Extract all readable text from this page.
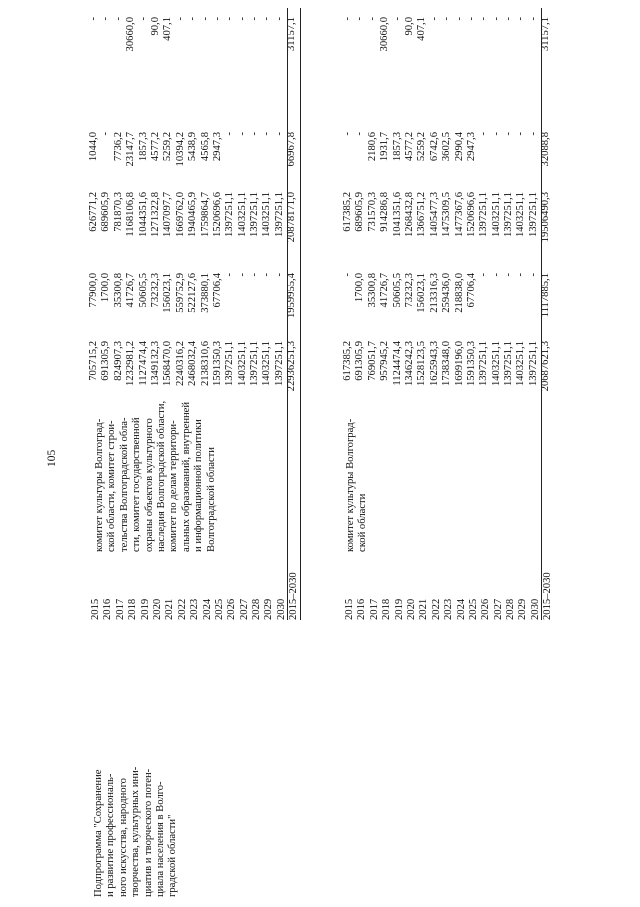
105
Подпрограмма "Сохранение и развитие профессиональ- ного искусства, народного творчества, культурных ини- циатив и творческого потен- циала населения в Волго- градской области"
2015 2016 2017 2018 2019 2020 2021 2022 2023 2024 2025 2026 2027 2028 2029 2030 2015–2030
комитет культуры Волгоград- ской области, комитет строи- тельства Волгоградской обла- сти, комитет государственной охраны объектов культурного наследия Волгоградской области, комитет по делам территори- альных образований, внутренней и информационной политики Волгоградской области
705715,2 691305,9 824907,3 1232981,2 1127474,4 1349132,3 1568470,0 2240316,2 2468032,4 2138310,6 1591350,3 1397251,1 1403251,1 1397251,1 1403251,1 1397251,1 22936251,3
77900,0 1700,0 35300,8 41726,7 50605,5 73232,3 156023,1 559752,9 522127,6 373880,1 67706,4 - - - - - 1959955,4
626771,2 689605,9 781870,3 1168106,8 1044351,6 1271322,8 1407097,7 1669762,0 1940465,9 1759864,7 1520696,6 1397251,1 1403251,1 1397251,1 1403251,1 1397251,1 20878171,0
1044,0 - 7736,2 23147,7 1857,3 4577,2 5259,2 10394,2 5438,9 4565,8 2947,3 - - - - - 66967,8
- - - 30660,0 - 90,0 407,1 - - - - - - - - - 31157,1
2015 2016 2017 2018 2019 2020 2021 2022 2023 2024 2025 2026 2027 2028 2029 2030 2015–2030
комитет культуры Волгоград- ской области
617385,2 691305,9 769051,7 957945,2 1124474,4 1346242,3 1528123,5 1625943,3 1738348,0 1699196,0 1591350,3 1397251,1 1403251,1 1397251,1 1403251,1 1397251,1 20687621,3
- 1700,0 35300,8 41726,7 50605,5 73232,3 156023,1 213316,3 259436,0 218838,0 67706,4 - - - - - 1117885,1
617385,2 689605,9 731570,3 914286,8 1041351,6 1268432,8 1366751,2 1405477,3 1475309,5 1477367,6 1520696,6 1397251,1 1403251,1 1397251,1 1403251,1 1397251,1 19506490,3
- - 2180,6 1931,7 1857,3 4577,2 5259,2 6742,6 3602,5 2990,4 2947,3 - - - - - 32088,8
- - - 30660,0 - 90,0 407,1 - - - - - - - - - 31157,1
